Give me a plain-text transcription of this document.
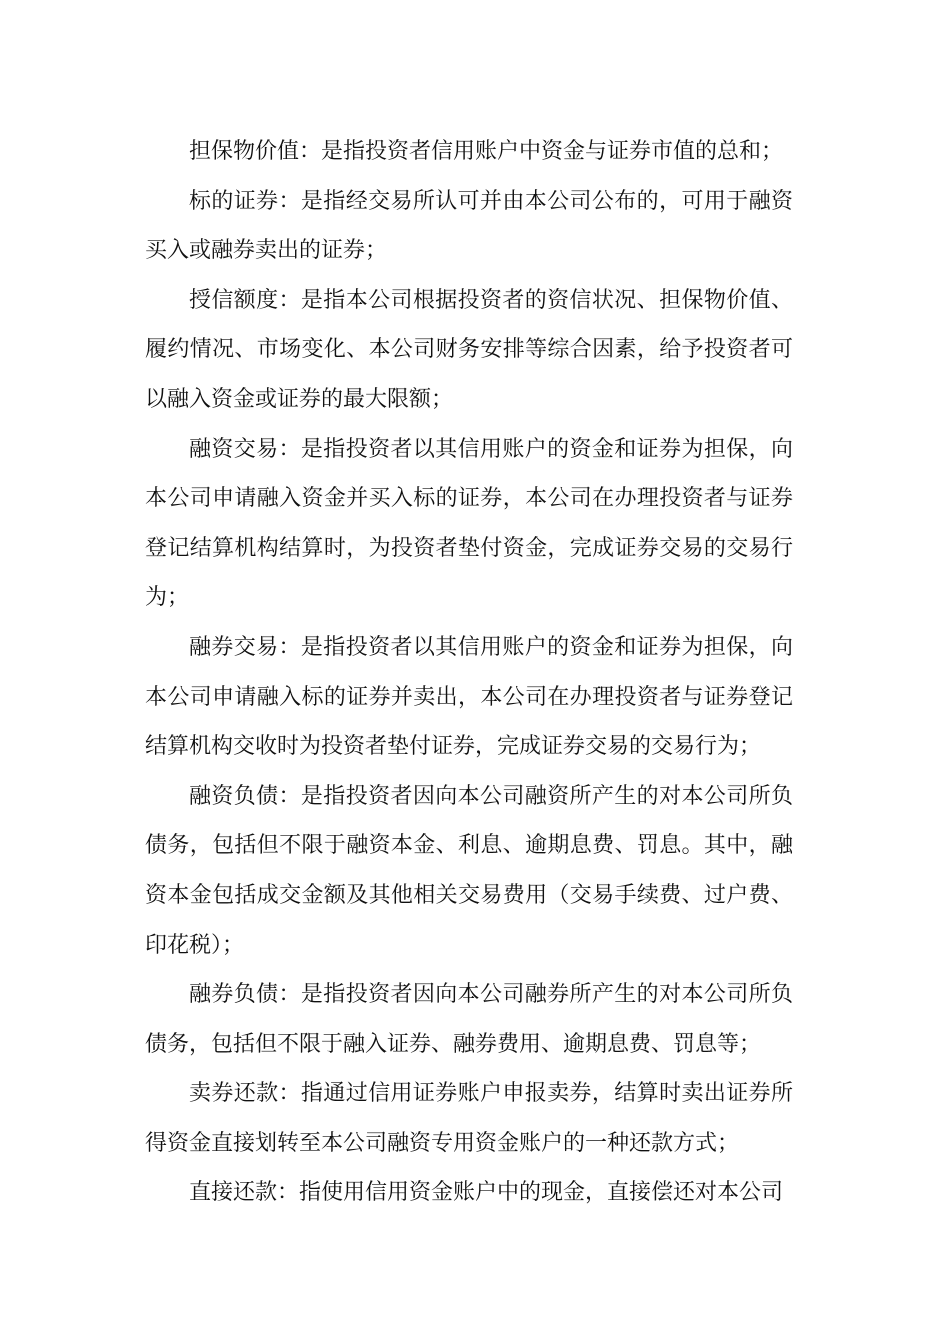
担保物价值：是指投资者信用账户中资金与证券市值的总和；

标的证券：是指经交易所认可并由本公司公布的，可用于融资买入或融券卖出的证券；

授信额度：是指本公司根据投资者的资信状况、担保物价值、履约情况、市场变化、本公司财务安排等综合因素，给予投资者可以融入资金或证券的最大限额；

融资交易：是指投资者以其信用账户的资金和证券为担保，向本公司申请融入资金并买入标的证券，本公司在办理投资者与证券登记结算机构结算时，为投资者垫付资金，完成证券交易的交易行为；

融券交易：是指投资者以其信用账户的资金和证券为担保，向本公司申请融入标的证券并卖出，本公司在办理投资者与证券登记结算机构交收时为投资者垫付证券，完成证券交易的交易行为；

融资负债：是指投资者因向本公司融资所产生的对本公司所负债务，包括但不限于融资本金、利息、逾期息费、罚息。其中，融资本金包括成交金额及其他相关交易费用（交易手续费、过户费、印花税）；

融券负债：是指投资者因向本公司融券所产生的对本公司所负债务，包括但不限于融入证券、融券费用、逾期息费、罚息等；

卖券还款：指通过信用证券账户申报卖券，结算时卖出证券所得资金直接划转至本公司融资专用资金账户的一种还款方式；

直接还款：指使用信用资金账户中的现金，直接偿还对本公司
